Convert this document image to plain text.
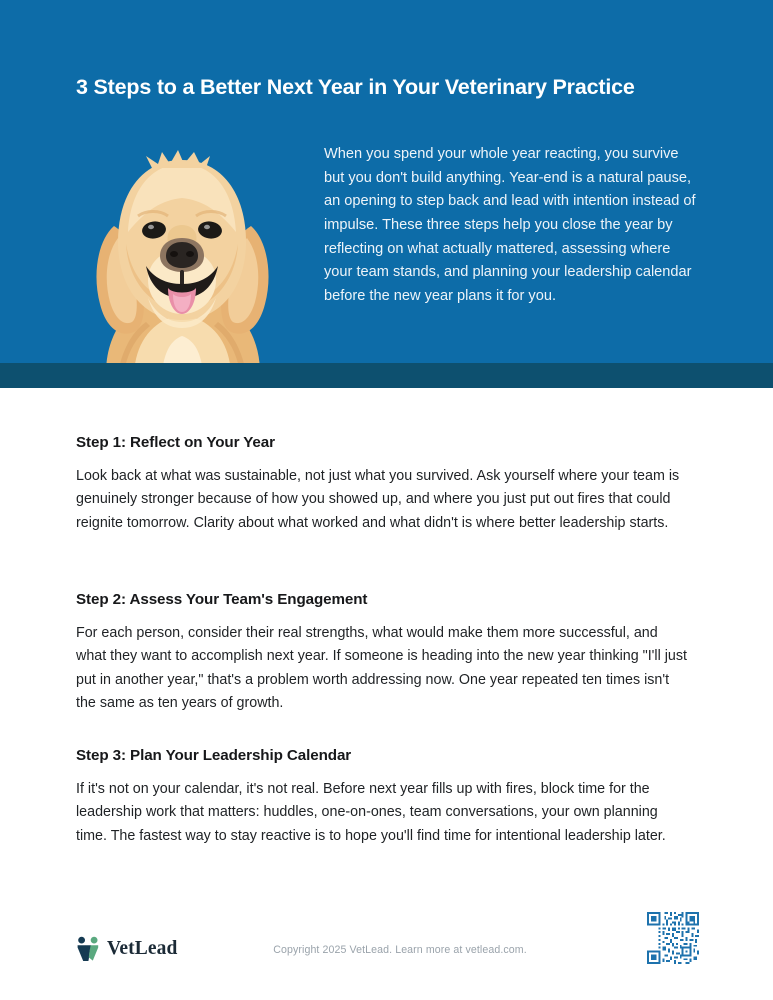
3 Steps to a Better Next Year in Your Veterinary Practice

When you spend your whole year reacting, you survive but you don't build anything. Year-end is a natural pause, an opening to step back and lead with intention instead of impulse. These three steps help you close the year by reflecting on what actually mattered, assessing where your team stands, and planning your leadership calendar before the new year plans it for you.

Step 1: Reflect on Your Year

Look back at what was sustainable, not just what you survived. Ask yourself where your team is genuinely stronger because of how you showed up, and where you just put out fires that could reignite tomorrow. Clarity about what worked and what didn't is where better leadership starts.

Step 2: Assess Your Team's Engagement

For each person, consider their real strengths, what would make them more successful, and what they want to accomplish next year. If someone is heading into the new year thinking "I'll just put in another year," that's a problem worth addressing now. One year repeated ten times isn't the same as ten years of growth.

Step 3: Plan Your Leadership Calendar

If it's not on your calendar, it's not real. Before next year fills up with fires, block time for the leadership work that matters: huddles, one-on-ones, team conversations, your own planning time. The fastest way to stay reactive is to hope you'll find time for intentional leadership later.

VetLead	Copyright 2025 VetLead. Learn more at vetlead.com.
